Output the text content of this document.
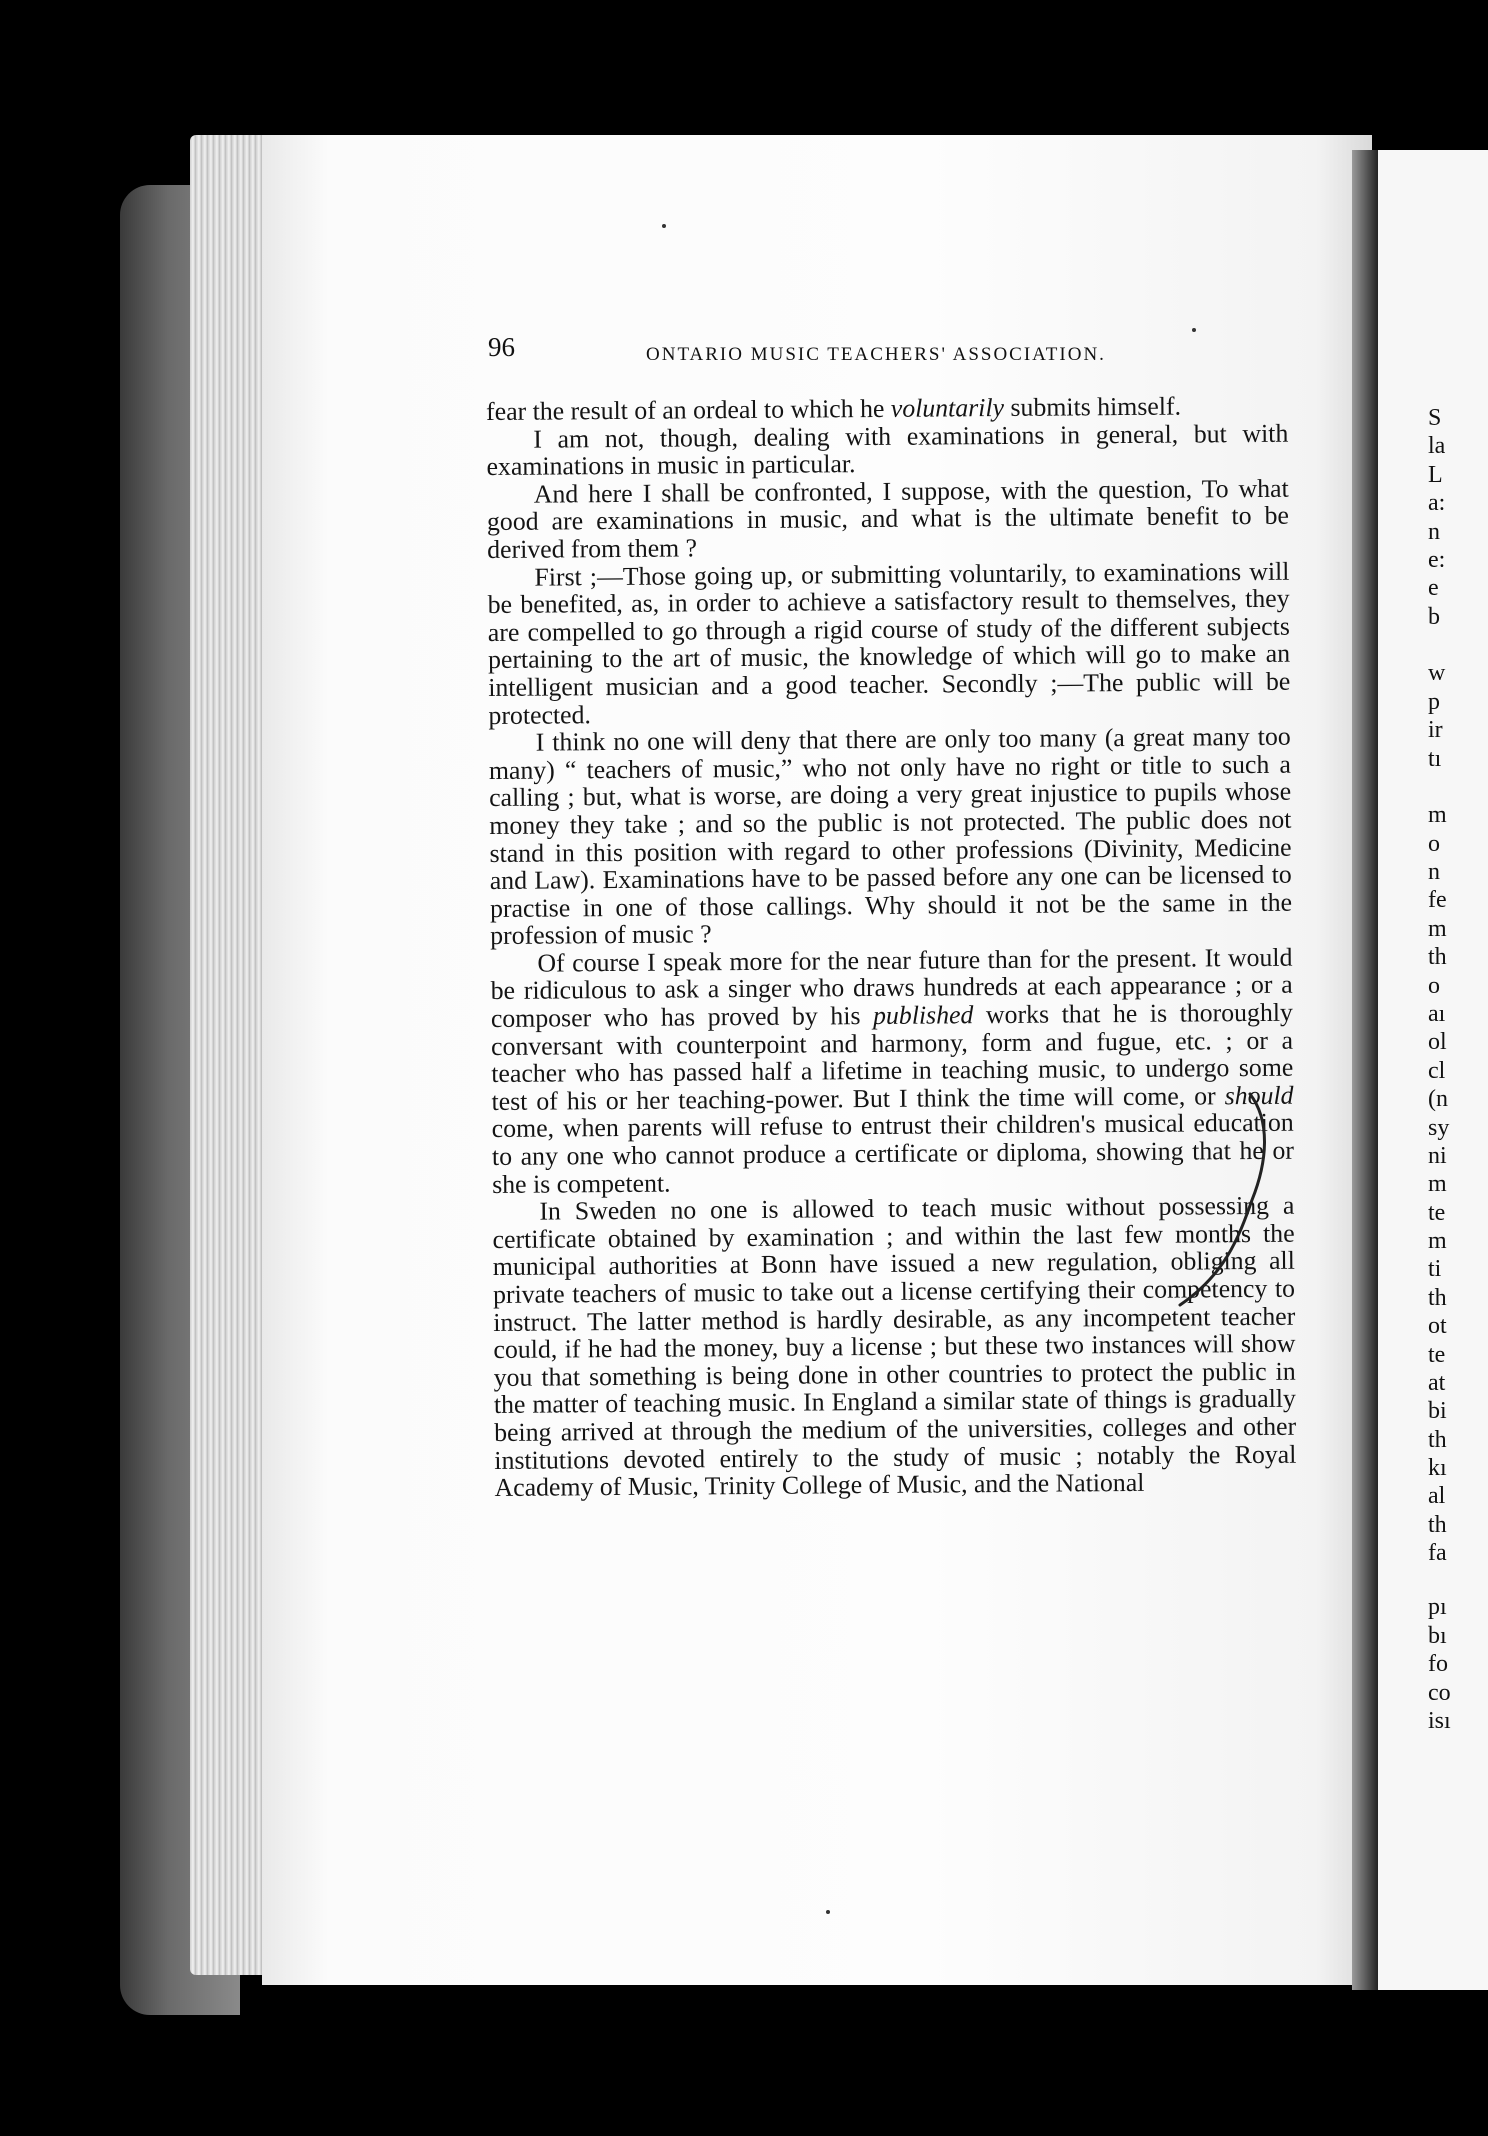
S
la
L
a:
n
e:
e
b
w
p
ir
tı
m
o
n
fe
m
th
o
aı
ol
cl
(n
sy
ni
m
te
m
ti
th
ot
te
at
bi
th
kı
al
th
fa
pı
bı
fo
co
isı
96	ONTARIO MUSIC TEACHERS' ASSOCIATION.

fear the result of an ordeal to which he voluntarily submits himself.

I am not, though, dealing with examinations in general, but with examinations in music in particular.

And here I shall be confronted, I suppose, with the question, To what good are examinations in music, and what is the ultimate benefit to be derived from them ?

First ;—Those going up, or submitting voluntarily, to examinations will be benefited, as, in order to achieve a satisfactory result to themselves, they are compelled to go through a rigid course of study of the different subjects pertaining to the art of music, the knowledge of which will go to make an intelligent musician and a good teacher. Secondly ;—The public will be protected.

I think no one will deny that there are only too many (a great many too many) “ teachers of music,” who not only have no right or title to such a calling ; but, what is worse, are doing a very great injustice to pupils whose money they take ; and so the public is not protected. The public does not stand in this position with regard to other professions (Divinity, Medicine and Law). Examinations have to be passed before any one can be licensed to practise in one of those callings. Why should it not be the same in the profession of music ?

Of course I speak more for the near future than for the present. It would be ridiculous to ask a singer who draws hundreds at each appearance ; or a composer who has proved by his published works that he is thoroughly conversant with counterpoint and harmony, form and fugue, etc. ; or a teacher who has passed half a lifetime in teaching music, to undergo some test of his or her teaching-power. But I think the time will come, or should come, when parents will refuse to entrust their children's musical education to any one who cannot produce a certificate or diploma, showing that he or she is competent.

In Sweden no one is allowed to teach music without possessing a certificate obtained by examination ; and within the last few months the municipal authorities at Bonn have issued a new regulation, obliging all private teachers of music to take out a license certifying their competency to instruct. The latter method is hardly desirable, as any incompetent teacher could, if he had the money, buy a license ; but these two instances will show you that something is being done in other countries to protect the public in the matter of teaching music. In England a similar state of things is gradually being arrived at through the medium of the universities, colleges and other institutions devoted entirely to the study of music ; notably the Royal Academy of Music, Trinity College of Music, and the National
